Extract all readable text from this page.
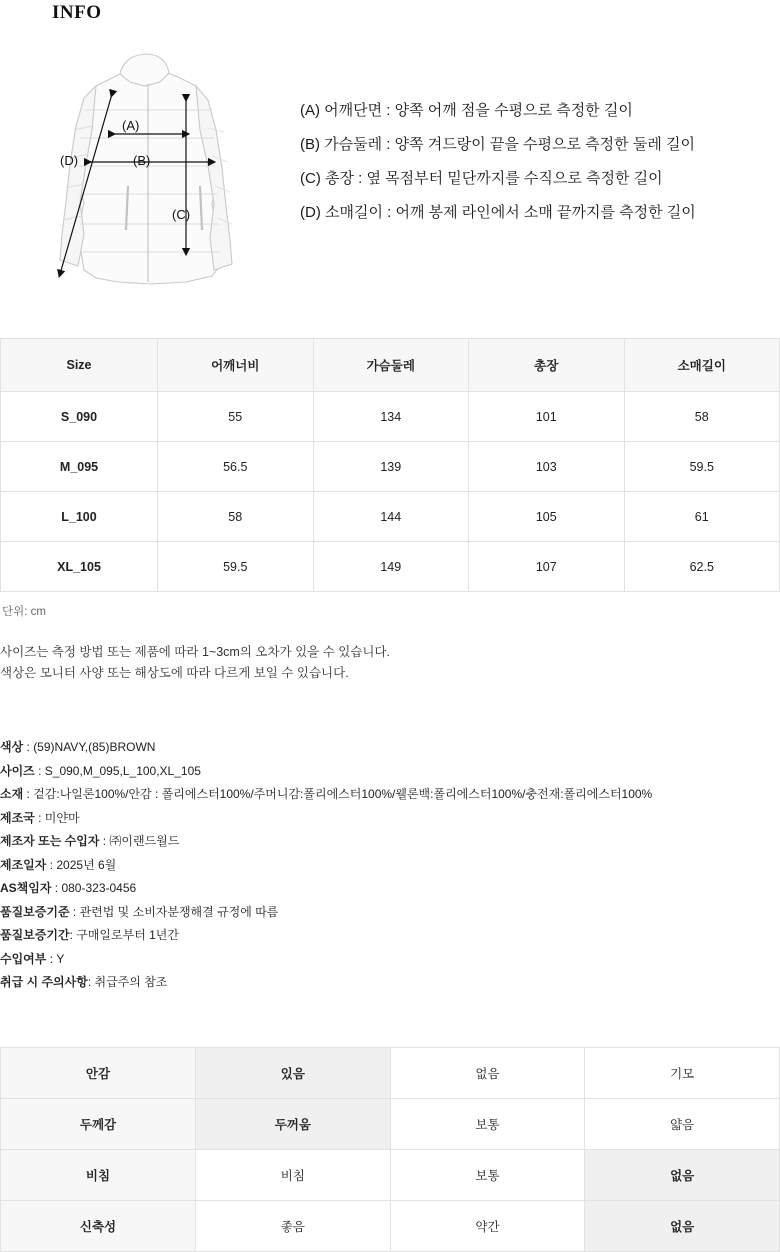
INFO
(A)
(B)
(C)
(D)
(A) 어깨단면 : 양쪽 어깨 점을 수평으로 측정한 길이
(B) 가슴둘레 : 양쪽 겨드랑이 끝을 수평으로 측정한 둘레 길이
(C) 총장 : 옆 목점부터 밑단까지를 수직으로 측정한 길이
(D) 소매길이 : 어깨 봉제 라인에서 소매 끝까지를 측정한 길이
Size	어깨너비	가슴둘레	총장	소매길이
S_090	55	134	101	58
M_095	56.5	139	103	59.5
L_100	58	144	105	61
XL_105	59.5	149	107	62.5
단위: cm
사이즈는 측정 방법 또는 제품에 따라 1~3cm의 오차가 있을 수 있습니다.
색상은 모니터 사양 또는 해상도에 따라 다르게 보일 수 있습니다.
색상 : (59)NAVY,(85)BROWN
사이즈 : S_090,M_095,L_100,XL_105
소재 : 겉감:나일론100%/안감 : 폴리에스터100%/주머니감:폴리에스터100%/웰론백:폴리에스터100%/충전재:폴리에스터100%
제조국 : 미얀마
제조자 또는 수입자 : ㈜이랜드월드
제조일자 : 2025년 6월
AS책임자 : 080-323-0456
품질보증기준 : 관련법 및 소비자분쟁해결 규정에 따름
품질보증기간: 구매일로부터 1년간
수입여부 : Y
취급 시 주의사항: 취급주의 참조
안감	있음	없음	기모
두께감	두꺼움	보통	얇음
비침	비침	보통	없음
신축성	좋음	약간	없음
